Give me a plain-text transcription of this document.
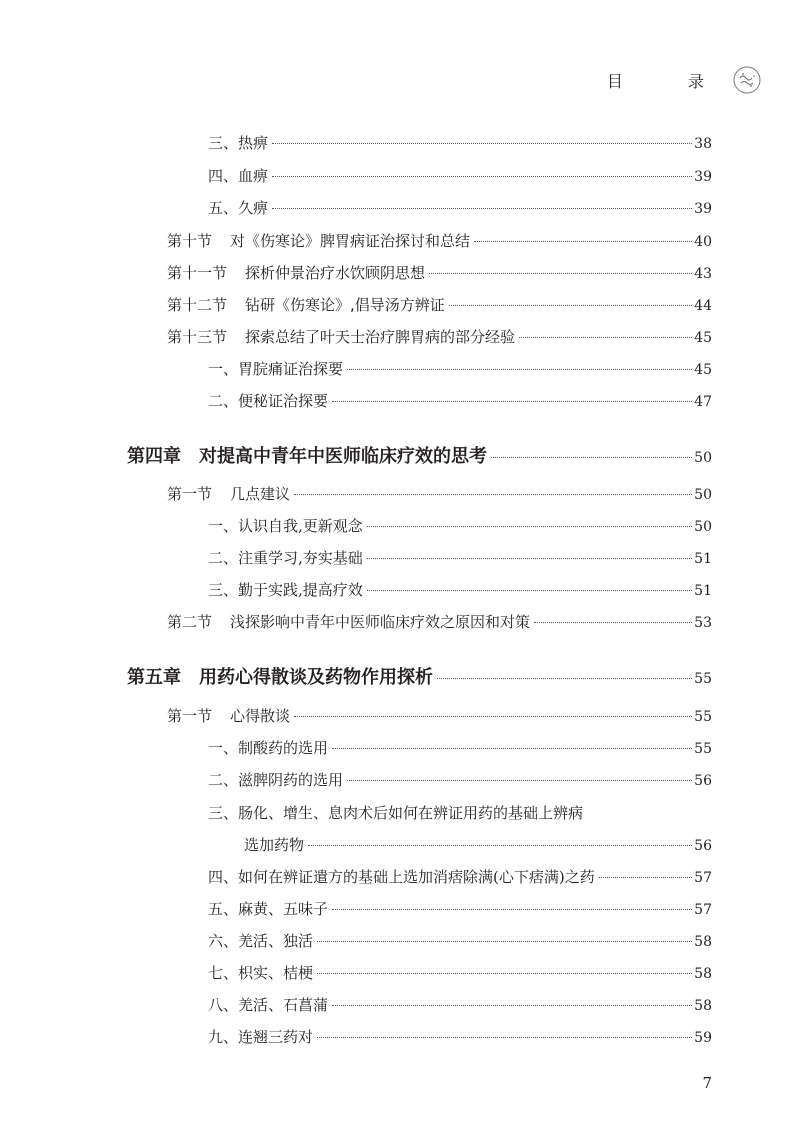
目 录
三、热痹	38
四、血痹	39
五、久痹	39
第十节 对《伤寒论》脾胃病证治探讨和总结	40
第十一节 探析仲景治疗水饮顾阴思想	43
第十二节 钻研《伤寒论》,倡导汤方辨证	44
第十三节 探索总结了叶天士治疗脾胃病的部分经验	45
一、胃脘痛证治探要	45
二、便秘证治探要	47
第四章 对提高中青年中医师临床疗效的思考	50
第一节 几点建议	50
一、认识自我,更新观念	50
二、注重学习,夯实基础	51
三、勤于实践,提高疗效	51
第二节 浅探影响中青年中医师临床疗效之原因和对策	53
第五章 用药心得散谈及药物作用探析	55
第一节 心得散谈	55
一、制酸药的选用	55
二、滋脾阴药的选用	56
三、肠化、增生、息肉术后如何在辨证用药的基础上辨病
选加药物	56
四、如何在辨证遣方的基础上选加消痞除满(心下痞满)之药	57
五、麻黄、五味子	57
六、羌活、独活	58
七、枳实、桔梗	58
八、羌活、石菖蒲	58
九、连翘三药对	59
7
